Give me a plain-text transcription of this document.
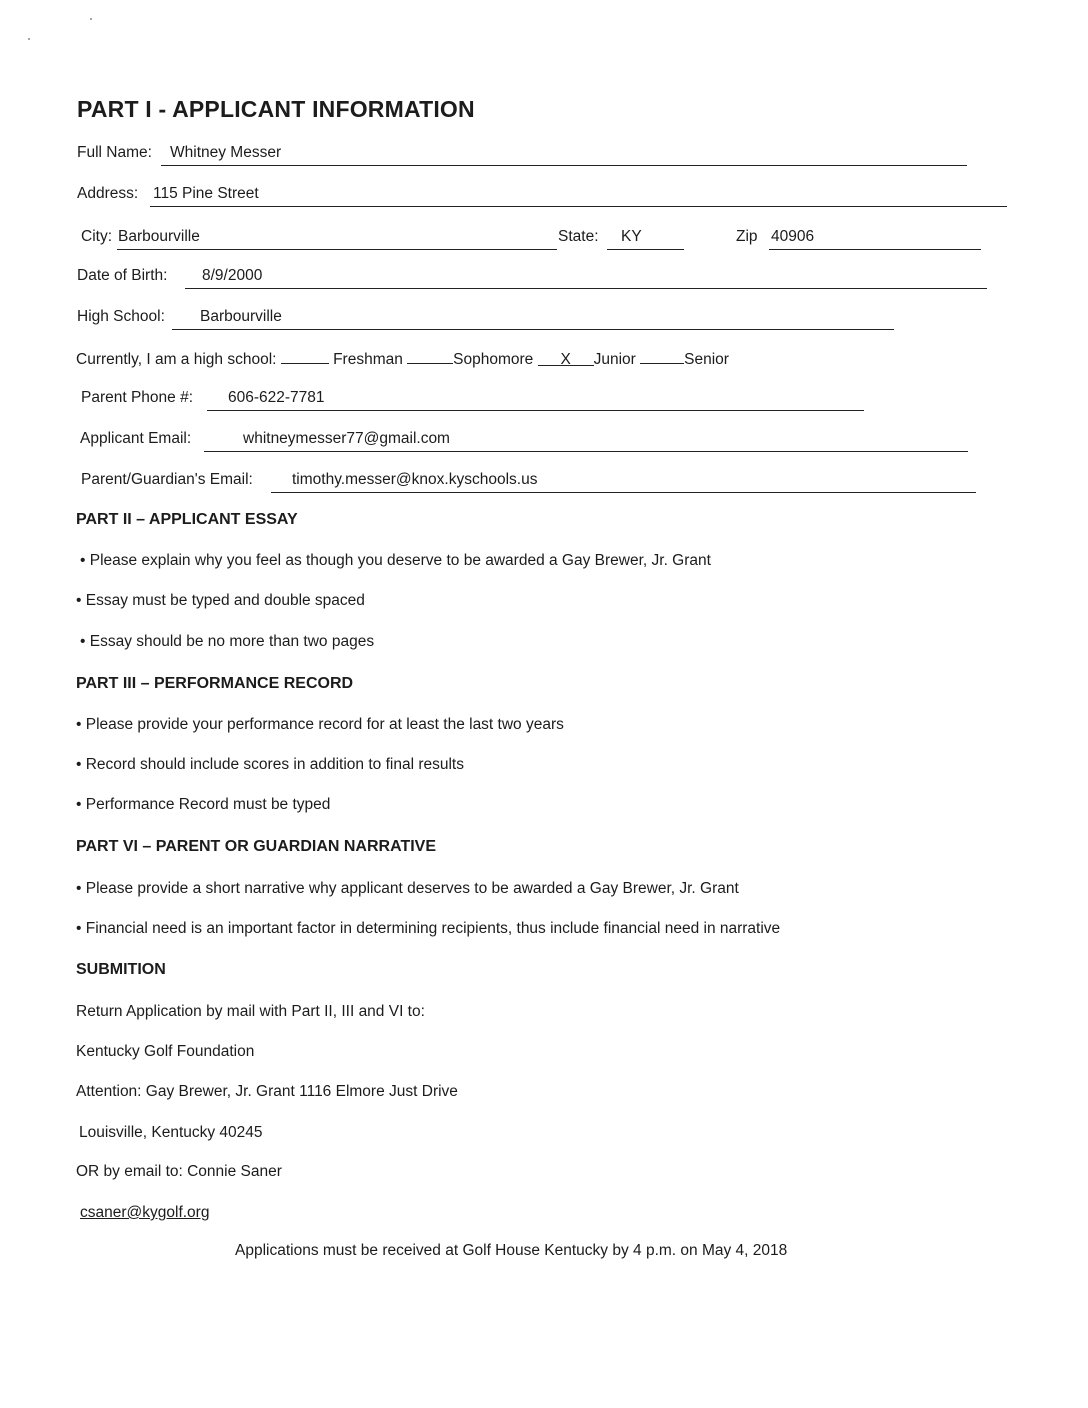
PART I - APPLICANT INFORMATION
Full Name: Whitney Messer
Address: 115 Pine Street
City: Barbourville	State: KY	Zip 40906
Date of Birth: 8/9/2000
High School: Barbourville
Currently, I am a high school:	Freshman	Sophomore X Junior	Senior
Parent Phone #: 606-622-7781
Applicant Email:	whitneymesser77@gmail.com
Parent/Guardian's Email:	timothy.messer@knox.kyschools.us
PART II – APPLICANT ESSAY
• Please explain why you feel as though you deserve to be awarded a Gay Brewer, Jr. Grant
• Essay must be typed and double spaced
• Essay should be no more than two pages
PART III – PERFORMANCE RECORD
• Please provide your performance record for at least the last two years
• Record should include scores in addition to final results
• Performance Record must be typed
PART VI – PARENT OR GUARDIAN NARRATIVE
• Please provide a short narrative why applicant deserves to be awarded a Gay Brewer, Jr. Grant
• Financial need is an important factor in determining recipients, thus include financial need in narrative
SUBMITION
Return Application by mail with Part II, III and VI to:
Kentucky Golf Foundation
Attention: Gay Brewer, Jr. Grant 1116 Elmore Just Drive
Louisville, Kentucky 40245
OR by email to: Connie Saner
csaner@kygolf.org
Applications must be received at Golf House Kentucky by 4 p.m. on May 4, 2018
